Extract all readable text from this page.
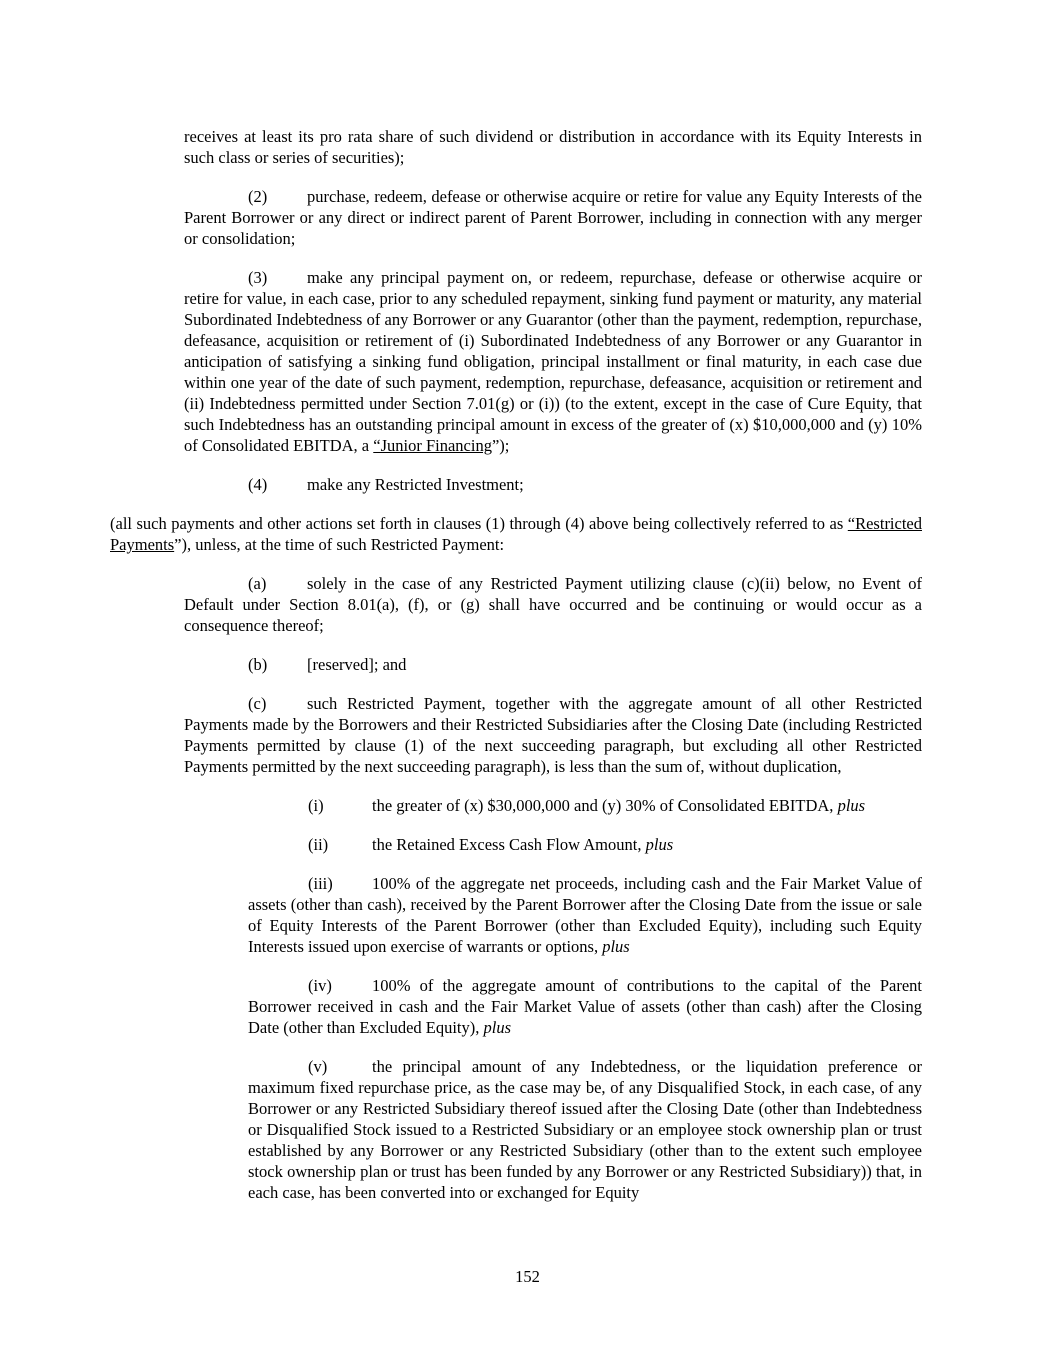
receives at least its pro rata share of such dividend or distribution in accordance with its Equity Interests in such class or series of securities);

(2) purchase, redeem, defease or otherwise acquire or retire for value any Equity Interests of the Parent Borrower or any direct or indirect parent of Parent Borrower, including in connection with any merger or consolidation;

(3) make any principal payment on, or redeem, repurchase, defease or otherwise acquire or retire for value, in each case, prior to any scheduled repayment, sinking fund payment or maturity, any material Subordinated Indebtedness of any Borrower or any Guarantor (other than the payment, redemption, repurchase, defeasance, acquisition or retirement of (i) Subordinated Indebtedness of any Borrower or any Guarantor in anticipation of satisfying a sinking fund obligation, principal installment or final maturity, in each case due within one year of the date of such payment, redemption, repurchase, defeasance, acquisition or retirement and (ii) Indebtedness permitted under Section 7.01(g) or (i)) (to the extent, except in the case of Cure Equity, that such Indebtedness has an outstanding principal amount in excess of the greater of (x) $10,000,000 and (y) 10% of Consolidated EBITDA, a “Junior Financing”);

(4) make any Restricted Investment;

(all such payments and other actions set forth in clauses (1) through (4) above being collectively referred to as “Restricted Payments”), unless, at the time of such Restricted Payment:

(a) solely in the case of any Restricted Payment utilizing clause (c)(ii) below, no Event of Default under Section 8.01(a), (f), or (g) shall have occurred and be continuing or would occur as a consequence thereof;

(b) [reserved]; and

(c) such Restricted Payment, together with the aggregate amount of all other Restricted Payments made by the Borrowers and their Restricted Subsidiaries after the Closing Date (including Restricted Payments permitted by clause (1) of the next succeeding paragraph, but excluding all other Restricted Payments permitted by the next succeeding paragraph), is less than the sum of, without duplication,

(i)	the greater of (x) $30,000,000 and (y) 30% of Consolidated EBITDA, plus

(ii)	the Retained Excess Cash Flow Amount, plus

(iii) 100% of the aggregate net proceeds, including cash and the Fair Market Value of assets (other than cash), received by the Parent Borrower after the Closing Date from the issue or sale of Equity Interests of the Parent Borrower (other than Excluded Equity), including such Equity Interests issued upon exercise of warrants or options, plus

(iv) 100% of the aggregate amount of contributions to the capital of the Parent Borrower received in cash and the Fair Market Value of assets (other than cash) after the Closing Date (other than Excluded Equity), plus

(v)	the principal amount of any Indebtedness, or the liquidation preference or maximum fixed repurchase price, as the case may be, of any Disqualified Stock, in each case, of any Borrower or any Restricted Subsidiary thereof issued after the Closing Date (other than Indebtedness or Disqualified Stock issued to a Restricted Subsidiary or an employee stock ownership plan or trust established by any Borrower or any Restricted Subsidiary (other than to the extent such employee stock ownership plan or trust has been funded by any Borrower or any Restricted Subsidiary)) that, in each case, has been converted into or exchanged for Equity

152
